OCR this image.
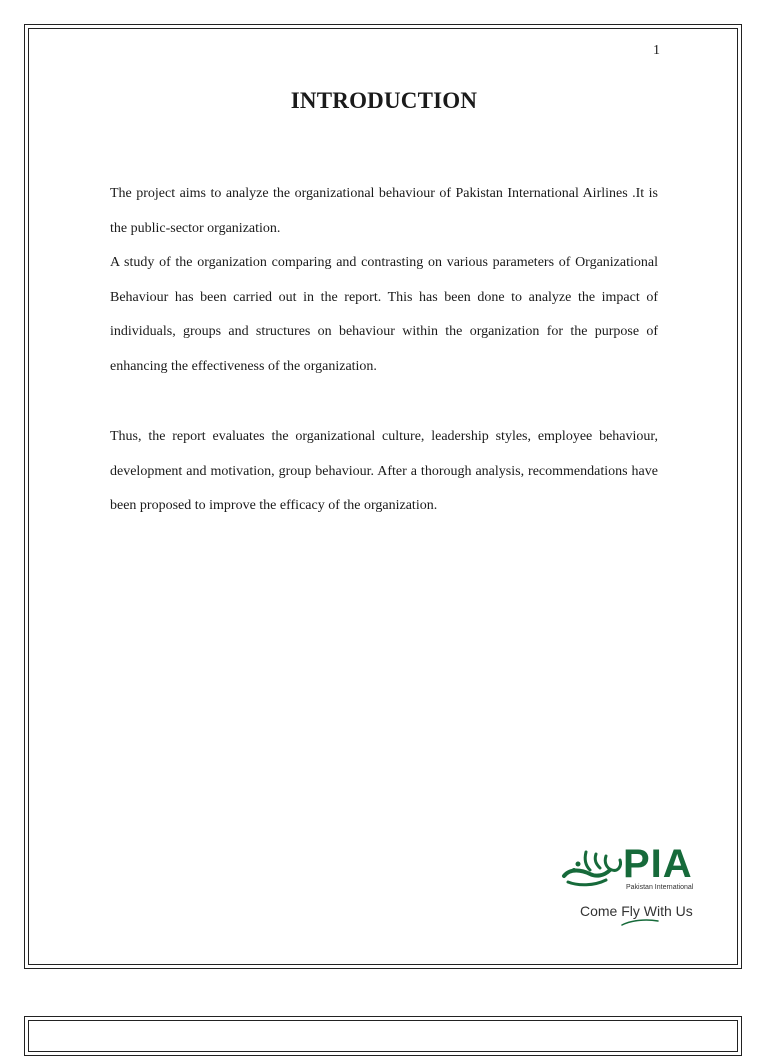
1
INTRODUCTION

The project aims to analyze the organizational behaviour of Pakistan International Airlines .It is the public-sector organization.

A study of the organization comparing and contrasting on various parameters of Organizational Behaviour has been carried out in the report. This has been done to analyze the impact of individuals, groups and structures on behaviour within the organization for the purpose of enhancing the effectiveness of the organization.

Thus, the report evaluates the organizational culture, leadership styles, employee behaviour, development and motivation, group behaviour. After a thorough analysis, recommendations have been proposed to improve the efficacy of the organization.

PIA
Pakistan International
Come Fly With Us
